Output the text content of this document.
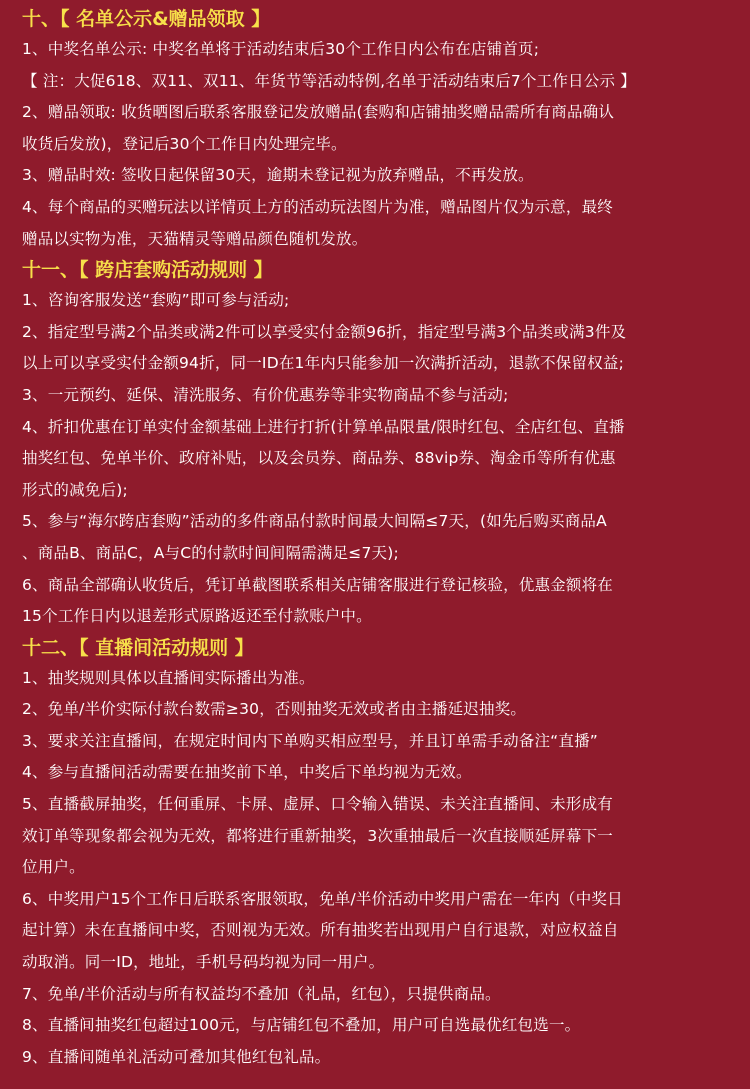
十、【 名单公示&赠品领取 】
1、中奖名单公示: 中奖名单将于活动结束后30个工作日内公布在店铺首页;
【 注：大促618、双11、双11、年货节等活动特例,名单于活动结束后7个工作日公示 】
2、赠品领取: 收货晒图后联系客服登记发放赠品(套购和店铺抽奖赠品需所有商品确认
收货后发放)，登记后30个工作日内处理完毕。
3、赠品时效: 签收日起保留30天，逾期未登记视为放弃赠品，不再发放。
4、每个商品的买赠玩法以详情页上方的活动玩法图片为准，赠品图片仅为示意，最终
赠品以实物为准，天猫精灵等赠品颜色随机发放。
十一、【 跨店套购活动规则 】
1、咨询客服发送“套购”即可参与活动;
2、指定型号满2个品类或满2件可以享受实付金额96折，指定型号满3个品类或满3件及
以上可以享受实付金额94折，同一ID在1年内只能参加一次满折活动，退款不保留权益;
3、一元预约、延保、清洗服务、有价优惠券等非实物商品不参与活动;
4、折扣优惠在订单实付金额基础上进行打折(计算单品限量/限时红包、全店红包、直播
抽奖红包、免单半价、政府补贴，以及会员券、商品券、88vip券、淘金币等所有优惠
形式的减免后);
5、参与“海尔跨店套购”活动的多件商品付款时间最大间隔≤7天，(如先后购买商品A
、商品B、商品C，A与C的付款时间间隔需满足≤7天);
6、商品全部确认收货后，凭订单截图联系相关店铺客服进行登记核验，优惠金额将在
15个工作日内以退差形式原路返还至付款账户中。
十二、【 直播间活动规则 】
1、抽奖规则具体以直播间实际播出为准。
2、免单/半价实际付款台数需≥30，否则抽奖无效或者由主播延迟抽奖。
3、要求关注直播间，在规定时间内下单购买相应型号，并且订单需手动备注“直播”
4、参与直播间活动需要在抽奖前下单，中奖后下单均视为无效。
5、直播截屏抽奖，任何重屏、卡屏、虚屏、口令输入错误、未关注直播间、未形成有
效订单等现象都会视为无效，都将进行重新抽奖，3次重抽最后一次直接顺延屏幕下一
位用户。
6、中奖用户15个工作日后联系客服领取，免单/半价活动中奖用户需在一年内（中奖日
起计算）未在直播间中奖，否则视为无效。所有抽奖若出现用户自行退款，对应权益自
动取消。同一ID，地址，手机号码均视为同一用户。
7、免单/半价活动与所有权益均不叠加（礼品，红包），只提供商品。
8、直播间抽奖红包超过100元，与店铺红包不叠加，用户可自选最优红包选一。
9、直播间随单礼活动可叠加其他红包礼品。
